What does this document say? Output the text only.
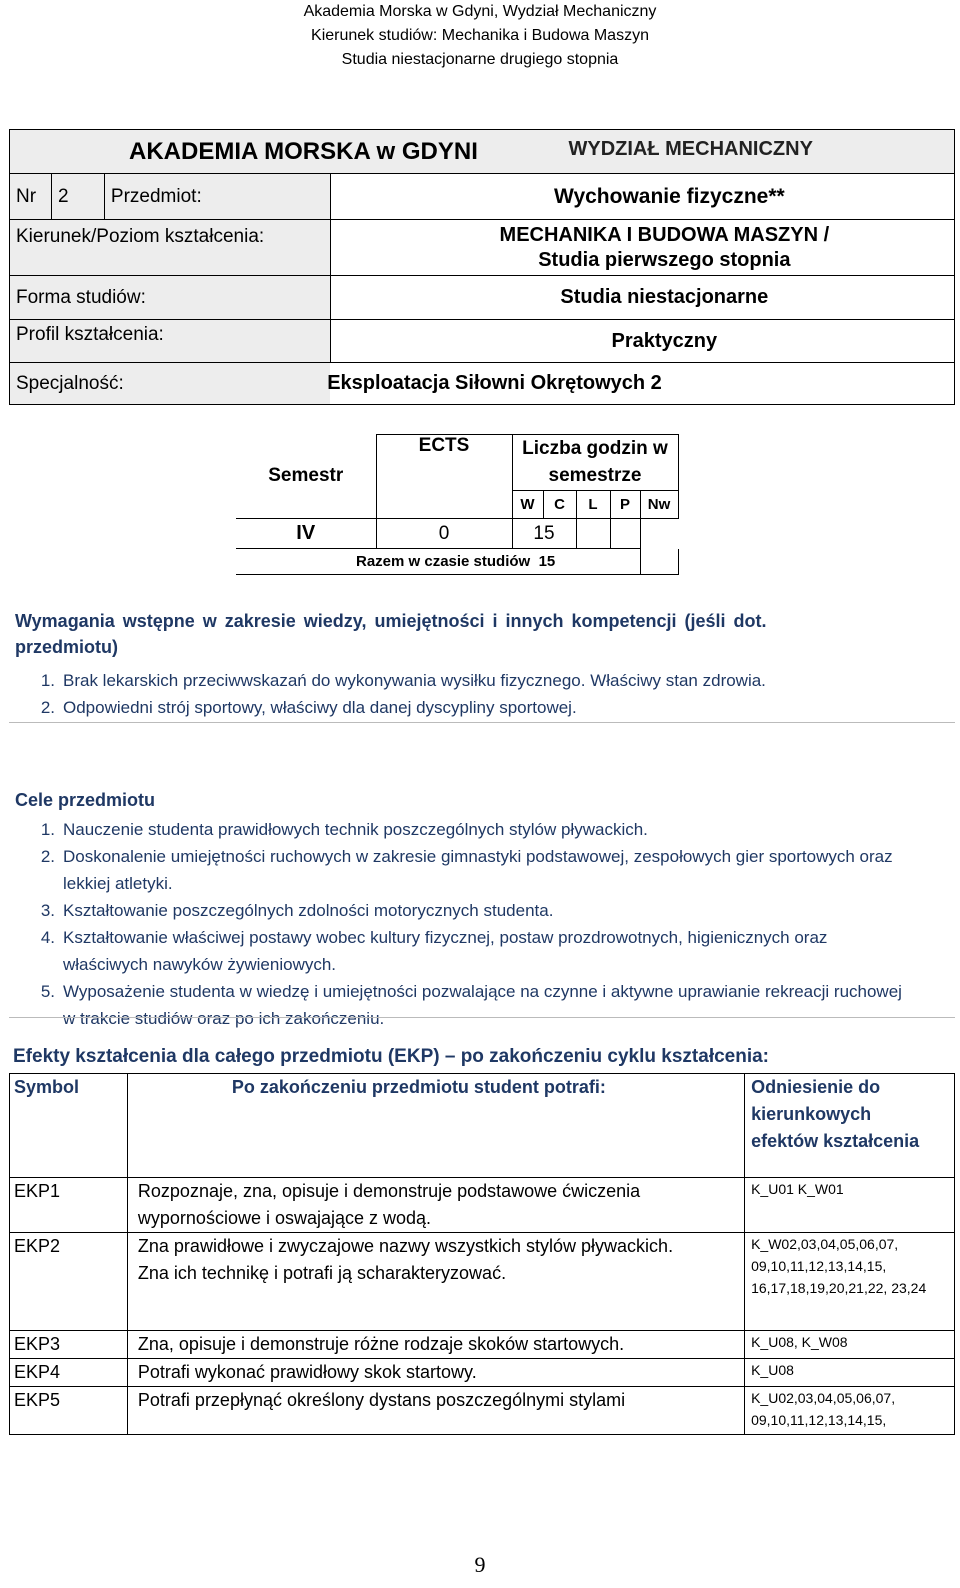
Akademia Morska w Gdyni, Wydział Mechaniczny
Kierunek studiów: Mechanika i Budowa Maszyn
Studia niestacjonarne drugiego stopnia
AKADEMIA MORSKA w GDYNI WYDZIAŁ MECHANICZNY			

Nr	2	Przedmiot:	Wychowanie fizyczne**
Kierunek/Poziom kształcenia:			MECHANIKA I BUDOWA MASZYN /
Studia pierwszego stopnia

Forma studiów:			Studia niestacjonarne
Profil kształcenia:			Praktyczny
Specjalność:			Eksploatacja Siłowni Okrętowych 2
Semestr	ECTS	Liczba godzin w				
		semestrze				
		W	C	L	P	Nw
IV	0	15				
Razem w czasie studiów 15						
Wymagania wstępne w zakresie wiedzy, umiejętności i innych kompetencji (jeśli dot.
przedmiotu)
1.	Brak lekarskich przeciwwskazań do wykonywania wysiłku fizycznego. Właściwy stan zdrowia.
2.	Odpowiedni strój sportowy, właściwy dla danej dyscypliny sportowej.
Cele przedmiotu
1.	Nauczenie studenta prawidłowych technik poszczególnych stylów pływackich.
2.	Doskonalenie umiejętności ruchowych w zakresie gimnastyki podstawowej, zespołowych gier sportowych oraz lekkiej atletyki.
3.	Kształtowanie poszczególnych zdolności motorycznych studenta.
4.	Kształtowanie właściwej postawy wobec kultury fizycznej, postaw prozdrowotnych, higienicznych oraz właściwych nawyków żywieniowych.
5.	Wyposażenie studenta w wiedzę i umiejętności pozwalające na czynne i aktywne uprawianie rekreacji ruchowej w trakcie studiów oraz po ich zakończeniu.
Efekty kształcenia dla całego przedmiotu (EKP) – po zakończeniu cyklu kształcenia:
Symbol	Po zakończeniu przedmiotu student potrafi:	Odniesienie do kierunkowych efektów kształcenia
EKP1	Rozpoznaje, zna, opisuje i demonstruje podstawowe ćwiczenia wypornościowe i oswajające z wodą.	K_U01 K_W01
EKP2	Zna prawidłowe i zwyczajowe nazwy wszystkich stylów pływackich. Zna ich technikę i potrafi ją scharakteryzować.	K_W02,03,04,05,06,07, 09,10,11,12,13,14,15, 16,17,18,19,20,21,22, 23,24
EKP3	Zna, opisuje i demonstruje różne rodzaje skoków startowych.	K_U08, K_W08
EKP4	Potrafi wykonać prawidłowy skok startowy.	K_U08
EKP5	Potrafi przepłynąć określony dystans poszczególnymi stylami	K_U02,03,04,05,06,07, 09,10,11,12,13,14,15,
9
